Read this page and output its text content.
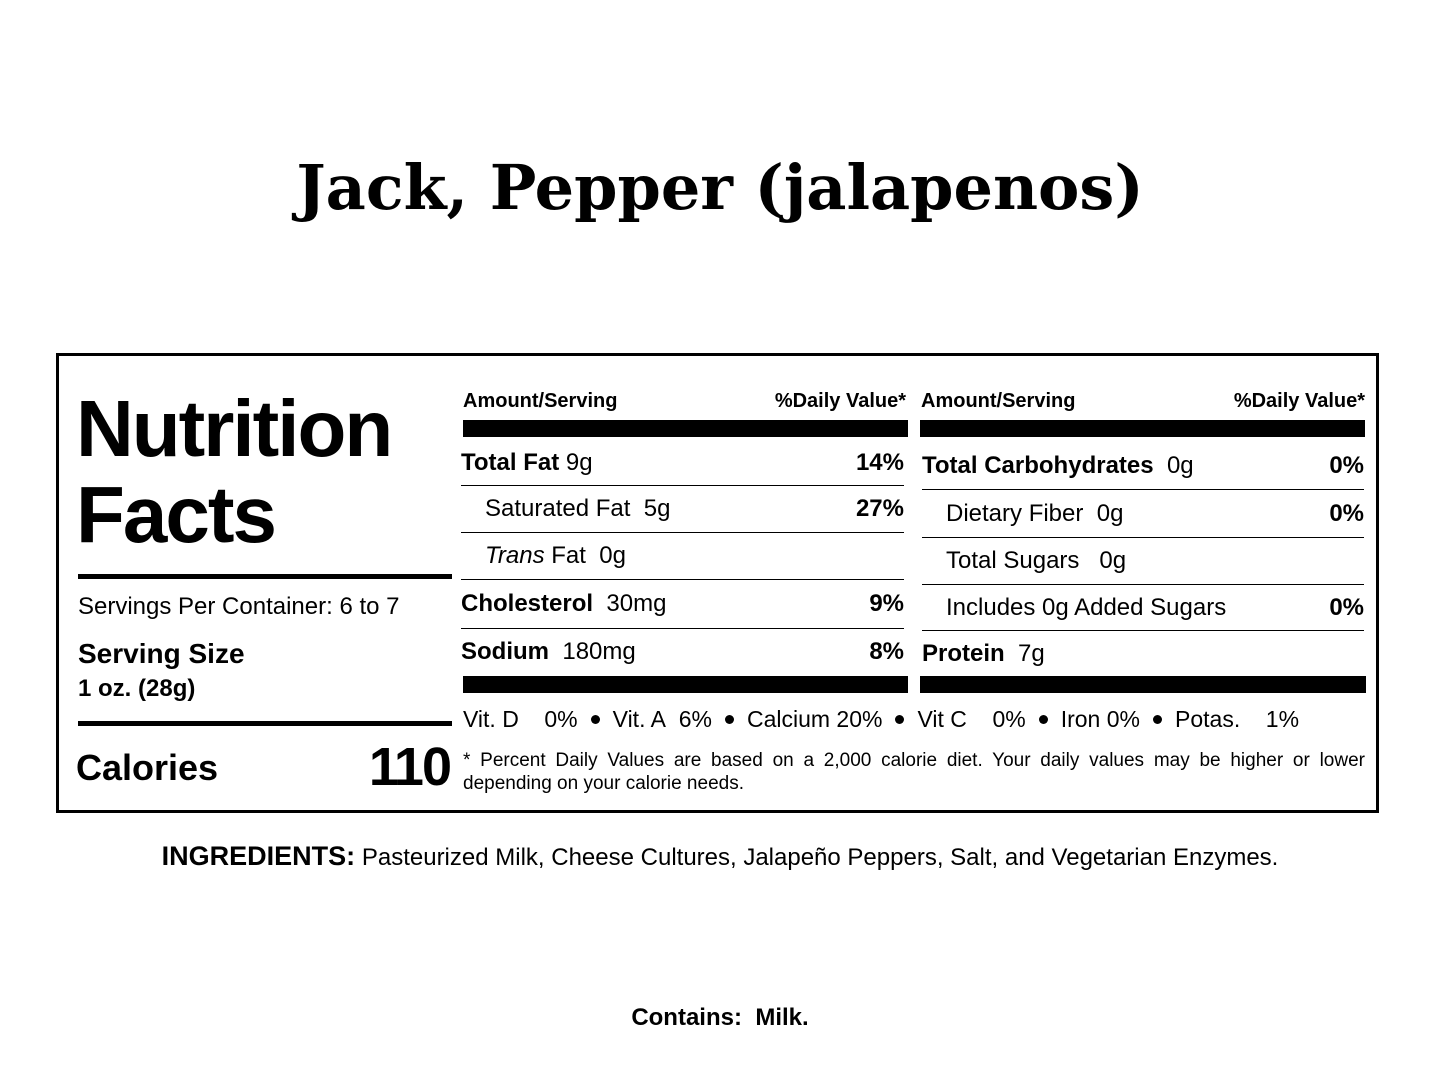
Jack, Pepper (jalapenos)
Nutrition
Facts
Servings Per Container: 6 to 7
Serving Size
1 oz. (28g)
Calories	110
Amount/Serving	%Daily Value*
Total Fat 9g	14%
Saturated Fat 5g	27%
Trans Fat 0g
Cholesterol 30mg	9%
Sodium 180mg	8%
Amount/Serving	%Daily Value*
Total Carbohydrates 0g	0%
Dietary Fiber 0g	0%
Total Sugars 0g
Includes 0g Added Sugars	0%
Protein 7g
Vit. D 0% Vit. A 6% Calcium 20% Vit C 0% Iron 0% Potas. 1%
* Percent Daily Values are based on a 2,000 calorie diet. Your daily values may be higher or lower depending on your calorie needs.
INGREDIENTS: Pasteurized Milk, Cheese Cultures, Jalapeño Peppers, Salt, and Vegetarian Enzymes.
Contains: Milk.
